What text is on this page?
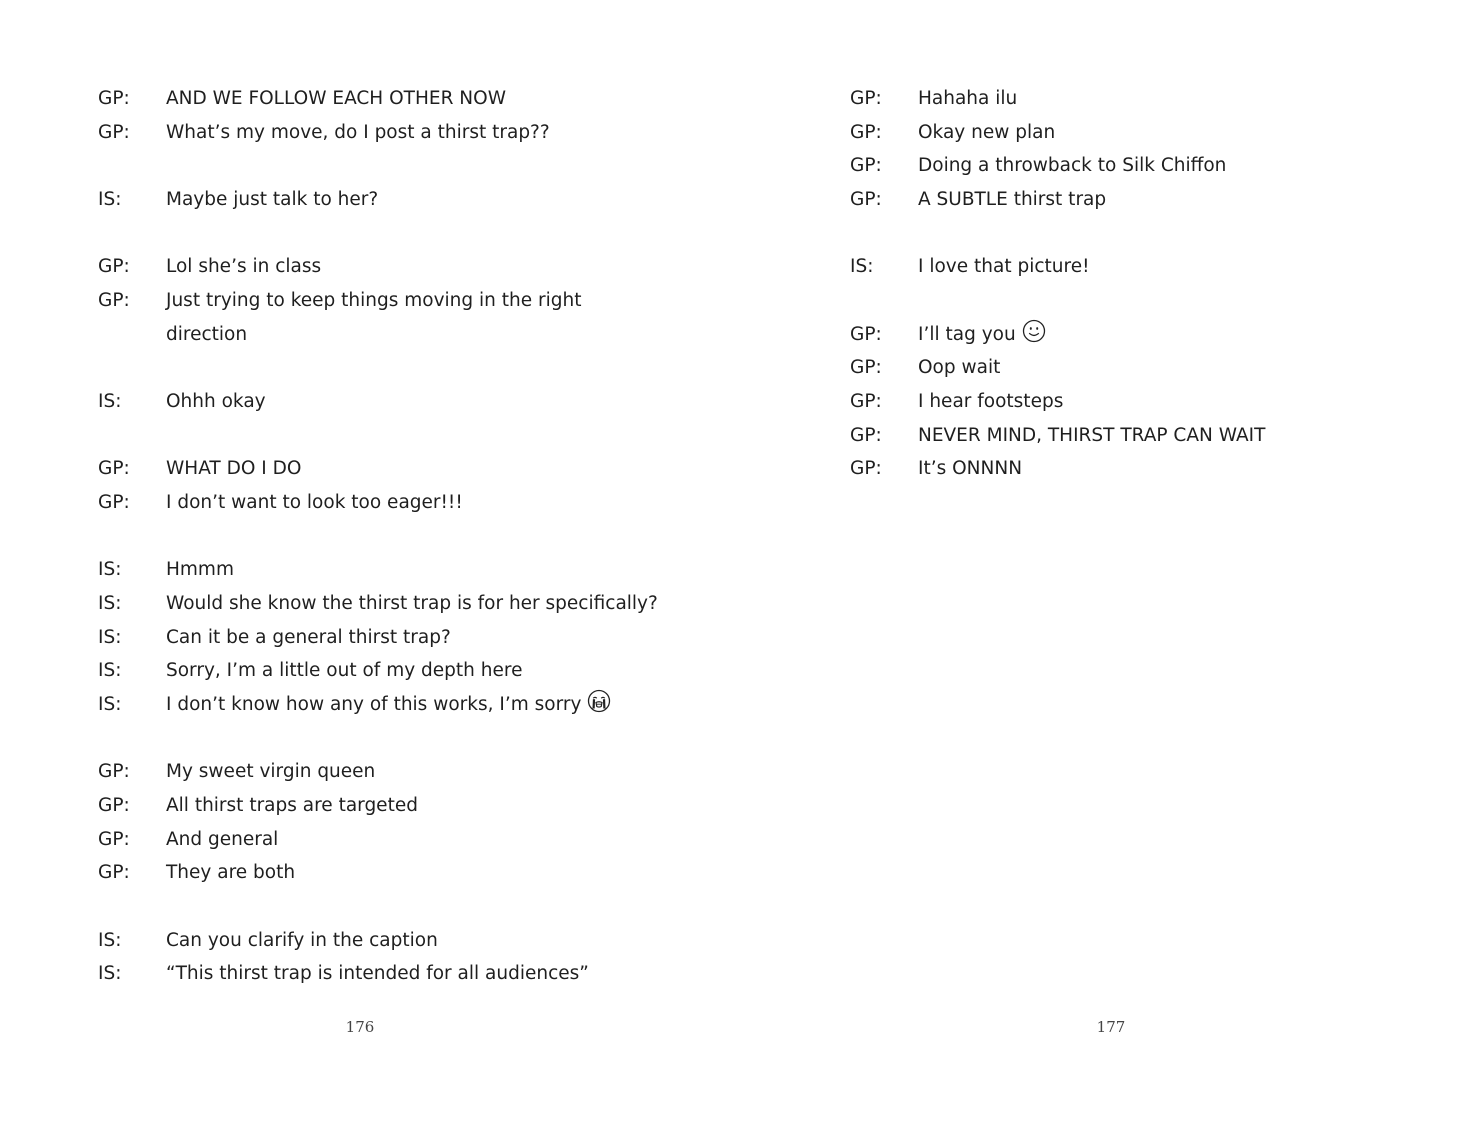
GP: AND WE FOLLOW EACH OTHER NOW
GP: What’s my move, do I post a thirst trap??
IS: Maybe just talk to her?
GP: Lol she’s in class
GP: Just trying to keep things moving in the right
direction
IS: Ohhh okay
GP: WHAT DO I DO
GP: I don’t want to look too eager!!!
IS: Hmmm
IS: Would she know the thirst trap is for her specifically?
IS: Can it be a general thirst trap?
IS: Sorry, I’m a little out of my depth here
IS: I don’t know how any of this works, I’m sorry
GP: My sweet virgin queen
GP: All thirst traps are targeted
GP: And general
GP: They are both
IS: Can you clarify in the caption
IS: “This thirst trap is intended for all audiences”
176
GP: Hahaha ilu
GP: Okay new plan
GP: Doing a throwback to Silk Chiffon
GP: A SUBTLE thirst trap
IS: I love that picture!
GP: I’ll tag you
GP: Oop wait
GP: I hear footsteps
GP: NEVER MIND, THIRST TRAP CAN WAIT
GP: It’s ONNNN
177
